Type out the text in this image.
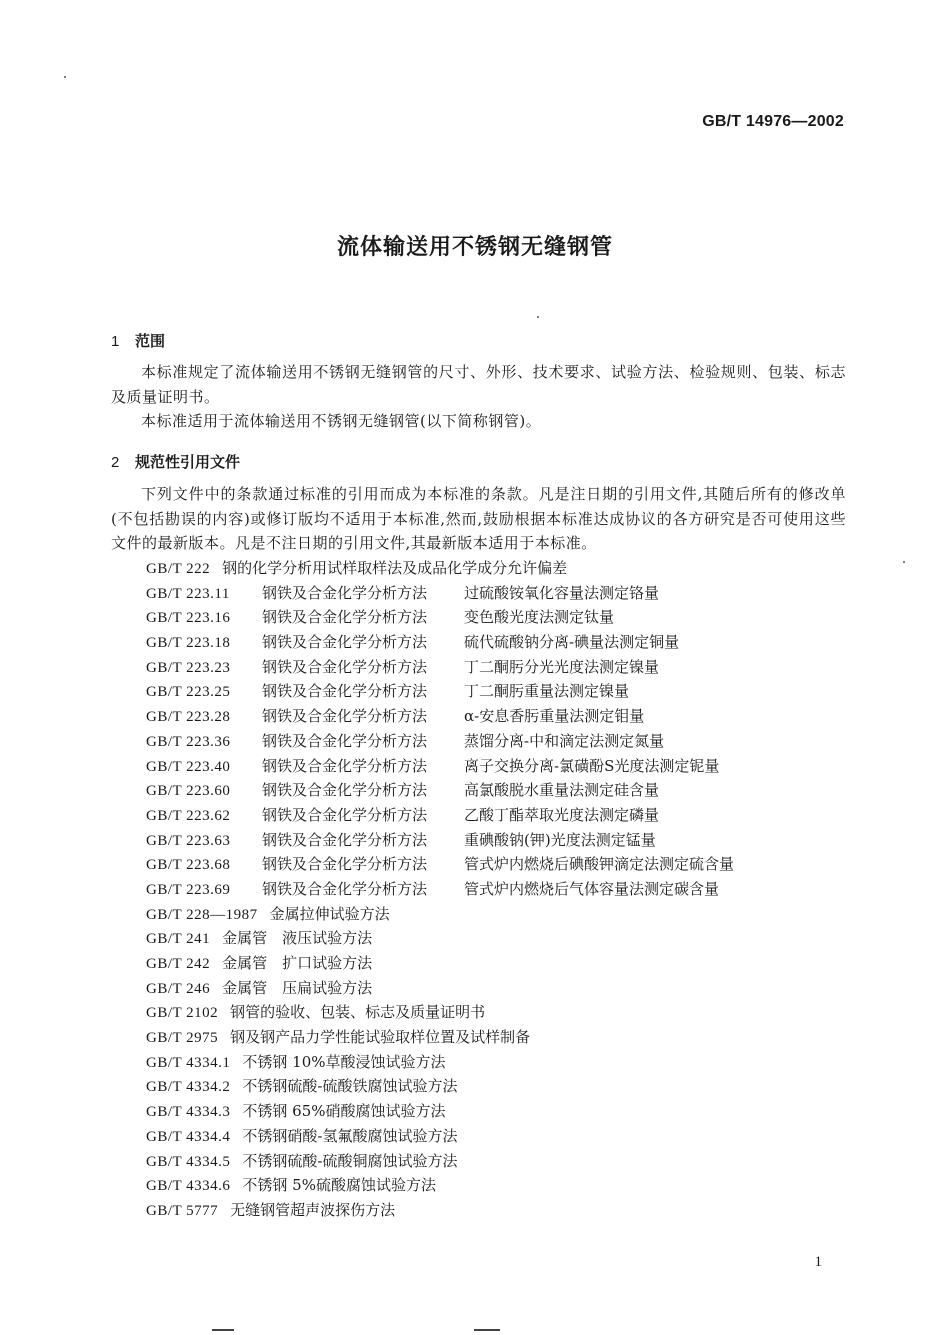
GB/T 14976—2002
流体输送用不锈钢无缝钢管
1 范围
本标准规定了流体输送用不锈钢无缝钢管的尺寸、外形、技术要求、试验方法、检验规则、包装、标志及质量证明书。
本标准适用于流体输送用不锈钢无缝钢管(以下简称钢管)。
2 规范性引用文件
下列文件中的条款通过标准的引用而成为本标准的条款。凡是注日期的引用文件,其随后所有的修改单(不包括勘误的内容)或修订版均不适用于本标准,然而,鼓励根据本标准达成协议的各方研究是否可使用这些文件的最新版本。凡是不注日期的引用文件,其最新版本适用于本标准。
GB/T 222 钢的化学分析用试样取样法及成品化学成分允许偏差
GB/T 223.11 钢铁及合金化学分析方法 过硫酸铵氧化容量法测定铬量
GB/T 223.16 钢铁及合金化学分析方法 变色酸光度法测定钛量
GB/T 223.18 钢铁及合金化学分析方法 硫代硫酸钠分离-碘量法测定铜量
GB/T 223.23 钢铁及合金化学分析方法 丁二酮肟分光光度法测定镍量
GB/T 223.25 钢铁及合金化学分析方法 丁二酮肟重量法测定镍量
GB/T 223.28 钢铁及合金化学分析方法 α-安息香肟重量法测定钼量
GB/T 223.36 钢铁及合金化学分析方法 蒸馏分离-中和滴定法测定氮量
GB/T 223.40 钢铁及合金化学分析方法 离子交换分离-氯磺酚S光度法测定铌量
GB/T 223.60 钢铁及合金化学分析方法 高氯酸脱水重量法测定硅含量
GB/T 223.62 钢铁及合金化学分析方法 乙酸丁酯萃取光度法测定磷量
GB/T 223.63 钢铁及合金化学分析方法 重碘酸钠(钾)光度法测定锰量
GB/T 223.68 钢铁及合金化学分析方法 管式炉内燃烧后碘酸钾滴定法测定硫含量
GB/T 223.69 钢铁及合金化学分析方法 管式炉内燃烧后气体容量法测定碳含量
GB/T 228—1987 金属拉伸试验方法
GB/T 241 金属管　液压试验方法
GB/T 242 金属管　扩口试验方法
GB/T 246 金属管　压扁试验方法
GB/T 2102 钢管的验收、包装、标志及质量证明书
GB/T 2975 钢及钢产品力学性能试验取样位置及试样制备
GB/T 4334.1 不锈钢 10%草酸浸蚀试验方法
GB/T 4334.2 不锈钢硫酸-硫酸铁腐蚀试验方法
GB/T 4334.3 不锈钢 65%硝酸腐蚀试验方法
GB/T 4334.4 不锈钢硝酸-氢氟酸腐蚀试验方法
GB/T 4334.5 不锈钢硫酸-硫酸铜腐蚀试验方法
GB/T 4334.6 不锈钢 5%硫酸腐蚀试验方法
GB/T 5777 无缝钢管超声波探伤方法
1
